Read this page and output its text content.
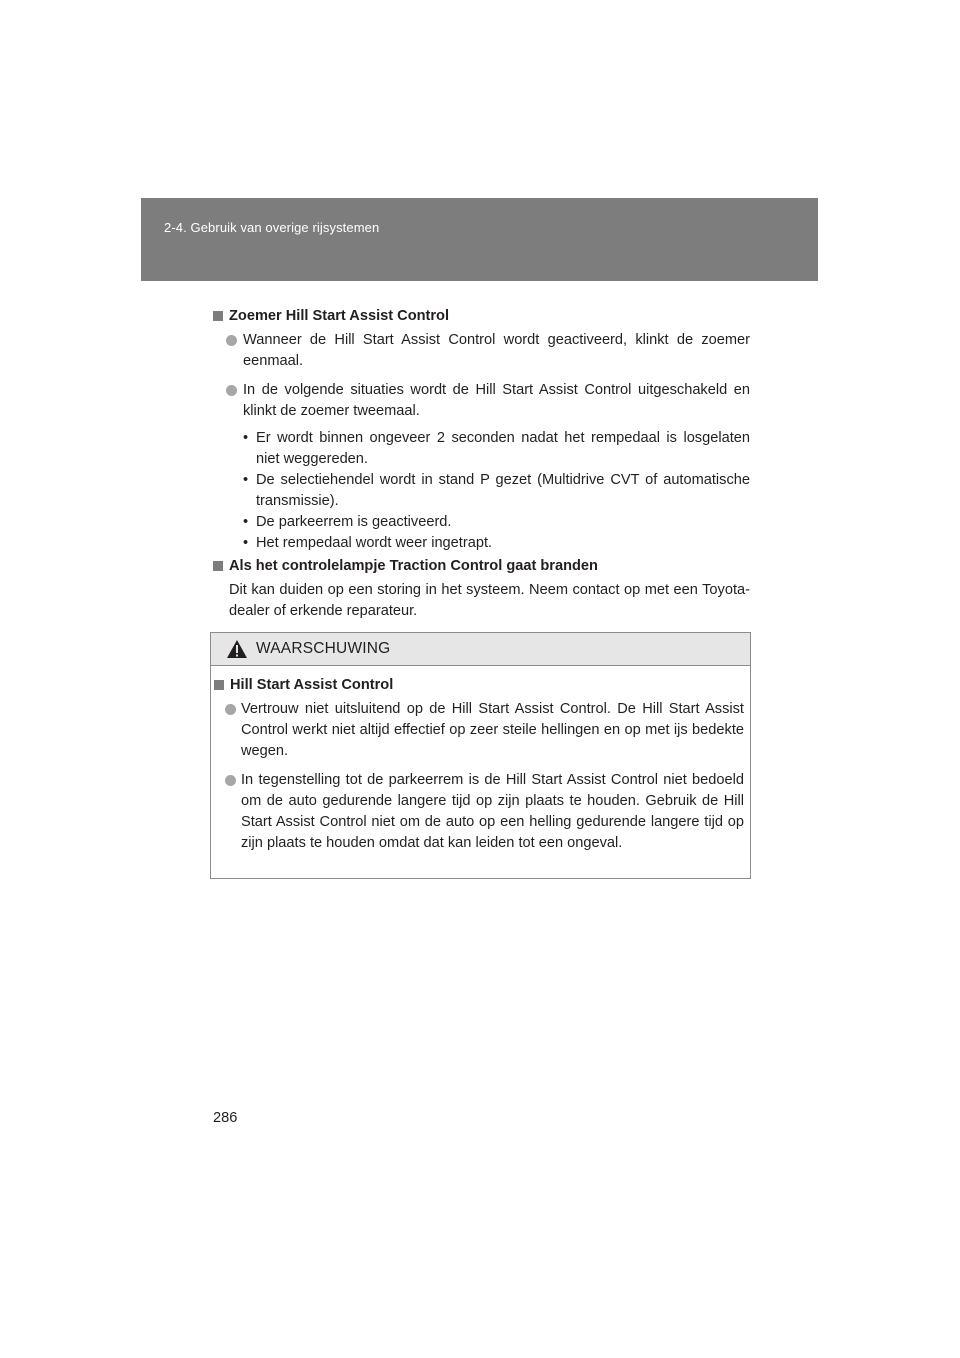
2-4. Gebruik van overige rijsystemen

Zoemer Hill Start Assist Control

Wanneer de Hill Start Assist Control wordt geactiveerd, klinkt de zoemer eenmaal.

In de volgende situaties wordt de Hill Start Assist Control uitgeschakeld en klinkt de zoemer tweemaal.

• Er wordt binnen ongeveer 2 seconden nadat het rempedaal is losgelaten niet weggereden.
• De selectiehendel wordt in stand P gezet (Multidrive CVT of automatische transmissie).
• De parkeerrem is geactiveerd.
• Het rempedaal wordt weer ingetrapt.

Als het controlelampje Traction Control gaat branden

Dit kan duiden op een storing in het systeem. Neem contact op met een Toyota-dealer of erkende reparateur.

WAARSCHUWING

Hill Start Assist Control

Vertrouw niet uitsluitend op de Hill Start Assist Control. De Hill Start Assist Control werkt niet altijd effectief op zeer steile hellingen en op met ijs bedekte wegen.

In tegenstelling tot de parkeerrem is de Hill Start Assist Control niet bedoeld om de auto gedurende langere tijd op zijn plaats te houden. Gebruik de Hill Start Assist Control niet om de auto op een helling gedurende langere tijd op zijn plaats te houden omdat dat kan leiden tot een ongeval.

286
